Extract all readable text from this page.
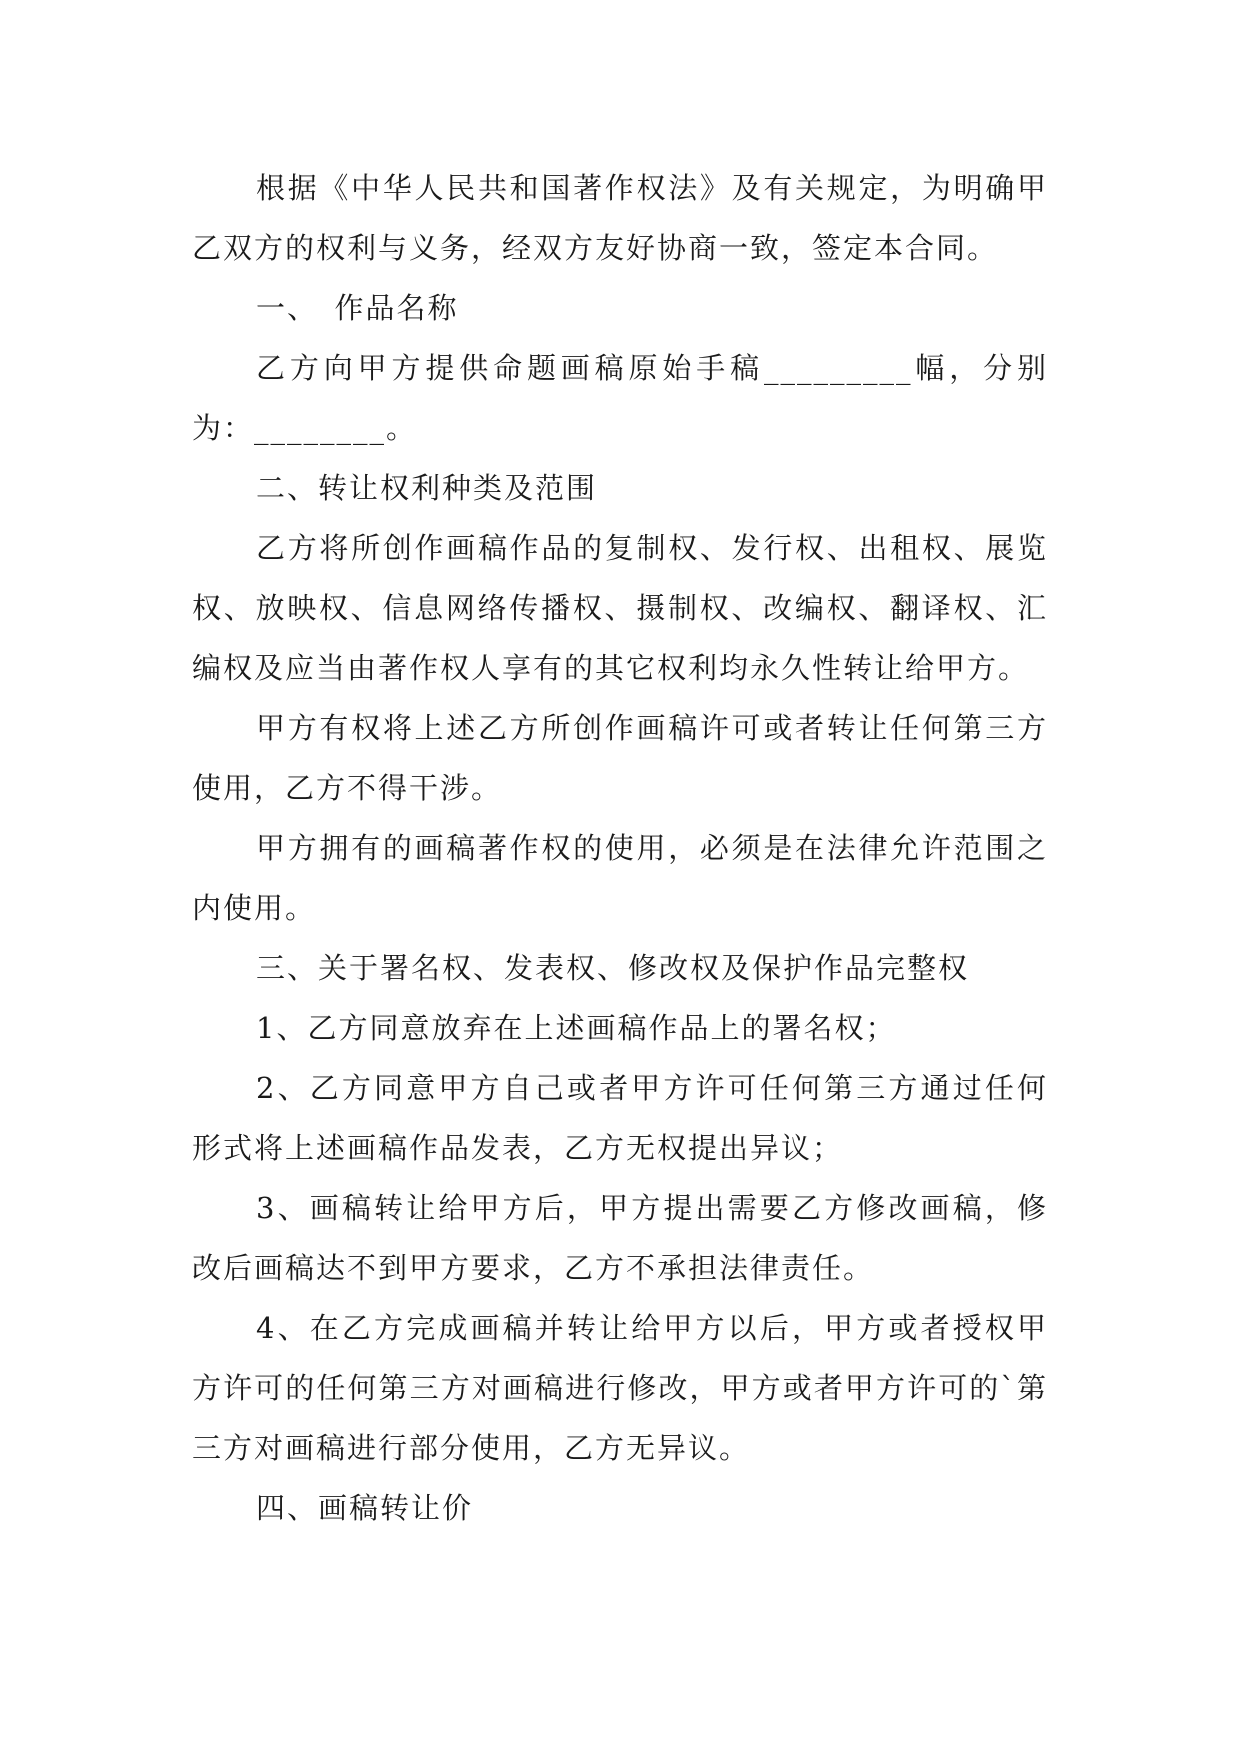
根据《中华人民共和国著作权法》及有关规定，为明确甲乙双方的权利与义务，经双方友好协商一致，签定本合同。

一、　作品名称

乙方向甲方提供命题画稿原始手稿_________幅，分别为：________。

二、转让权利种类及范围

乙方将所创作画稿作品的复制权、发行权、出租权、展览权、放映权、信息网络传播权、摄制权、改编权、翻译权、汇编权及应当由著作权人享有的其它权利均永久性转让给甲方。

甲方有权将上述乙方所创作画稿许可或者转让任何第三方使用，乙方不得干涉。

甲方拥有的画稿著作权的使用，必须是在法律允许范围之内使用。

三、关于署名权、发表权、修改权及保护作品完整权

1、乙方同意放弃在上述画稿作品上的署名权；

2、乙方同意甲方自己或者甲方许可任何第三方通过任何形式将上述画稿作品发表，乙方无权提出异议；

3、画稿转让给甲方后，甲方提出需要乙方修改画稿，修改后画稿达不到甲方要求，乙方不承担法律责任。

4、在乙方完成画稿并转让给甲方以后，甲方或者授权甲方许可的任何第三方对画稿进行修改，甲方或者甲方许可的`第三方对画稿进行部分使用，乙方无异议。

四、画稿转让价
